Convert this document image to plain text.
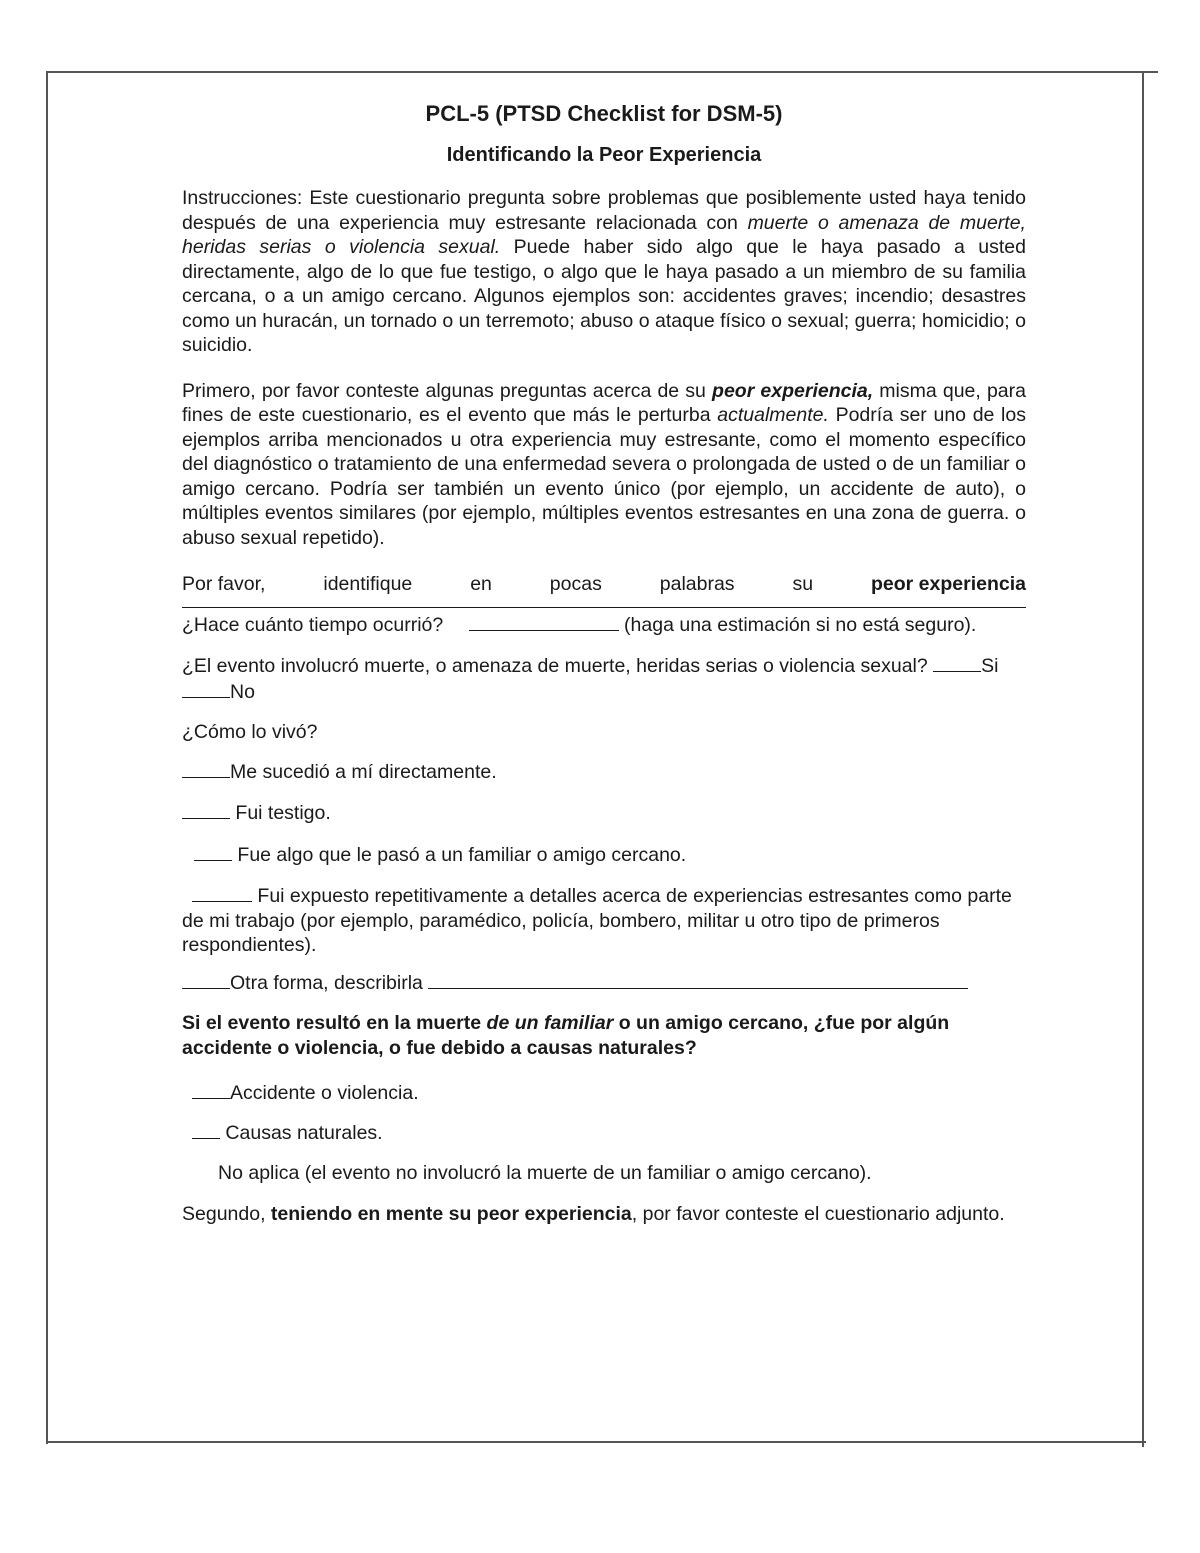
PCL-5 (PTSD Checklist for DSM-5)
Identificando la Peor Experiencia

Instrucciones: Este cuestionario pregunta sobre problemas que posiblemente usted haya tenido después de una experiencia muy estresante relacionada con muerte o amenaza de muerte, heridas serias o violencia sexual. Puede haber sido algo que le haya pasado a usted directamente, algo de lo que fue testigo, o algo que le haya pasado a un miembro de su familia cercana, o a un amigo cercano. Algunos ejemplos son: accidentes graves; incendio; desastres como un huracán, un tornado o un terremoto; abuso o ataque físico o sexual; guerra; homicidio; o suicidio.

Primero, por favor conteste algunas preguntas acerca de su peor experiencia, misma que, para fines de este cuestionario, es el evento que más le perturba actualmente. Podría ser uno de los ejemplos arriba mencionados u otra experiencia muy estresante, como el momento específico del diagnóstico o tratamiento de una enfermedad severa o prolongada de usted o de un familiar o amigo cercano. Podría ser también un evento único (por ejemplo, un accidente de auto), o múltiples eventos similares (por ejemplo, múltiples eventos estresantes en una zona de guerra. o abuso sexual repetido).

Por favor,	identifique	en	pocas	palabras	su	peor experiencia

¿Hace cuánto tiempo ocurrió?	(haga una estimación si no está seguro).

¿El evento involucró muerte, o amenaza de muerte, heridas serias o violencia sexual?	Si No

¿Cómo lo vivó?

Me sucedió a mí directamente.

Fui testigo.

Fue algo que le pasó a un familiar o amigo cercano.

Fui expuesto repetitivamente a detalles acerca de experiencias estresantes como parte de mi trabajo (por ejemplo, paramédico, policía, bombero, militar u otro tipo de primeros respondientes).

Otra forma, describirla

Si el evento resultó en la muerte de un familiar o un amigo cercano, ¿fue por algún accidente o violencia, o fue debido a causas naturales?

Accidente o violencia.

Causas naturales.

No aplica (el evento no involucró la muerte de un familiar o amigo cercano).

Segundo, teniendo en mente su peor experiencia, por favor conteste el cuestionario adjunto.
